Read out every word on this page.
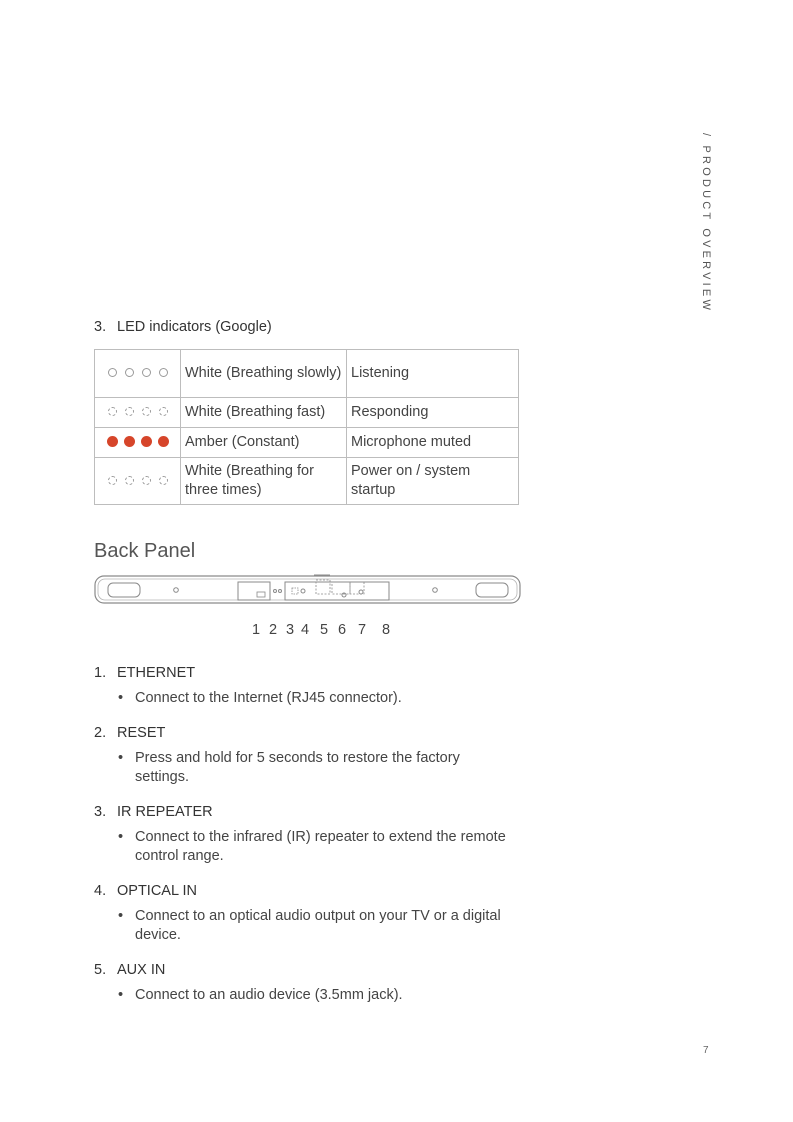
/ PRODUCT OVERVIEW
3. LED indicators (Google)
	White (Breathing slowly)	Listening
	White (Breathing fast)	Responding
	Amber (Constant)	Microphone muted
	White (Breathing for three times)	Power on / system startup
Back Panel
1 2 3 4 5 6 7 8
1. ETHERNET
• Connect to the Internet (RJ45 connector).
2. RESET
• Press and hold for 5 seconds to restore the factory settings.
3. IR REPEATER
• Connect to the infrared (IR) repeater to extend the remote control range.
4. OPTICAL IN
• Connect to an optical audio output on your TV or a digital device.
5. AUX IN
• Connect to an audio device (3.5mm jack).
7
